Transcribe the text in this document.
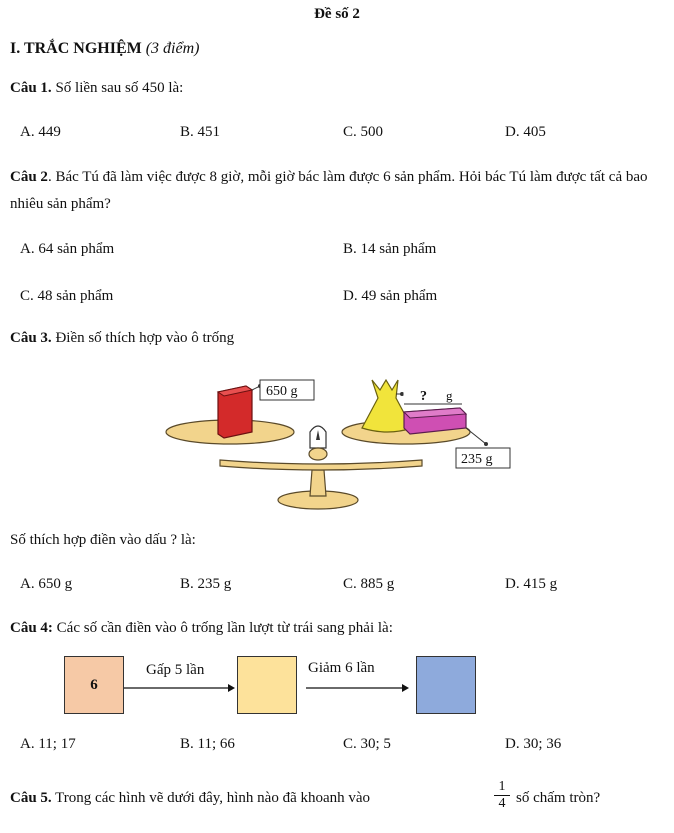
Đề số 2
I. TRẮC NGHIỆM (3 điểm)
Câu 1. Số liền sau số 450 là:
A. 449	B. 451	C. 500	D. 405
Câu 2. Bác Tú đã làm việc được 8 giờ, mỗi giờ bác làm được 6 sản phẩm. Hỏi bác Tú làm được tất cả bao nhiêu sản phẩm?
A. 64 sản phẩm	B. 14 sản phẩm
C. 48 sản phẩm	D. 49 sản phẩm
Câu 3. Điền số thích hợp vào ô trống
650 g	? g
235 g
Số thích hợp điền vào dấu ? là:
A. 650 g	B. 235 g	C. 885 g	D. 415 g
Câu 4: Các số cần điền vào ô trống lần lượt từ trái sang phải là:
6
Gấp 5 lần	Giảm 6 lần
A. 11; 17	B. 11; 66	C. 30; 5	D. 30; 36
Câu 5. Trong các hình vẽ dưới đây, hình nào đã khoanh vào	$\frac{1}{4}$ số chấm tròn?
